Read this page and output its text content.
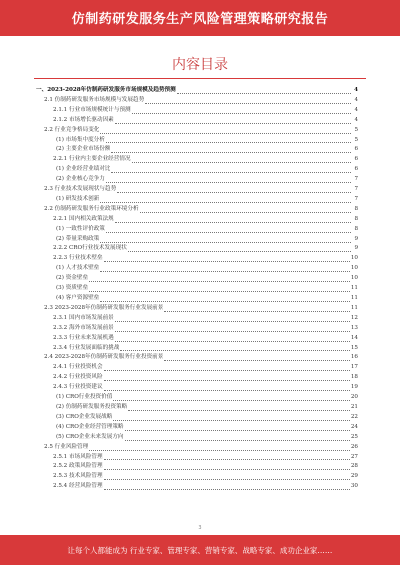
仿制药研发服务生产风险管理策略研究报告
内容目录
一、2023-2028年仿制药研发服务市场规模及趋势预测	4
2.1 仿制药研发服务市场规模与发展趋势	4
2.1.1 行业市场规模统计与预测	4
2.1.2 市场增长驱动因素	4
2.2 行业竞争格局变化	5
(1) 市场集中度分析	5
(2) 主要企业市场份额	6
2.2.1 行业内主要企业经营情况	6
(1) 企业经营业绩对比	6
(2) 企业核心竞争力	7
2.3 行业技术发展现状与趋势	7
(1) 研发技术创新	7
2.2 仿制药研发服务行业政策环境分析	8
2.2.1 国内相关政策法规	8
(1) 一致性评价政策	8
(2) 带量采购政策	9
2.2.2 CRO行业技术发展现状	9
2.2.3 行业技术壁垒	10
(1) 人才技术壁垒	10
(2) 资金壁垒	10
(3) 资质壁垒	11
(4) 客户资源壁垒	11
2.3 2023-2028年仿制药研发服务行业发展前景	11
2.3.1 国内市场发展前景	12
2.3.2 海外市场发展前景	13
2.3.3 行业未来发展机遇	14
2.3.4 行业发展面临的挑战	15
2.4 2023-2028年仿制药研发服务行业投资前景	16
2.4.1 行业投资机会	17
2.4.2 行业投资风险	18
2.4.3 行业投资建议	19
(1) CRO行业投资价值	20
(2) 仿制药研发服务投资策略	21
(3) CRO企业发展战略	22
(4) CRO企业经营管理策略	24
(5) CRO企业未来发展方向	25
2.5 行业风险管理	26
2.5.1 市场风险管理	27
2.5.2 政策风险管理	28
2.5.3 技术风险管理	29
2.5.4 经营风险管理	30
3
让每个人都能成为 行业专家、管理专家、营销专家、战略专家、成功企业家……
